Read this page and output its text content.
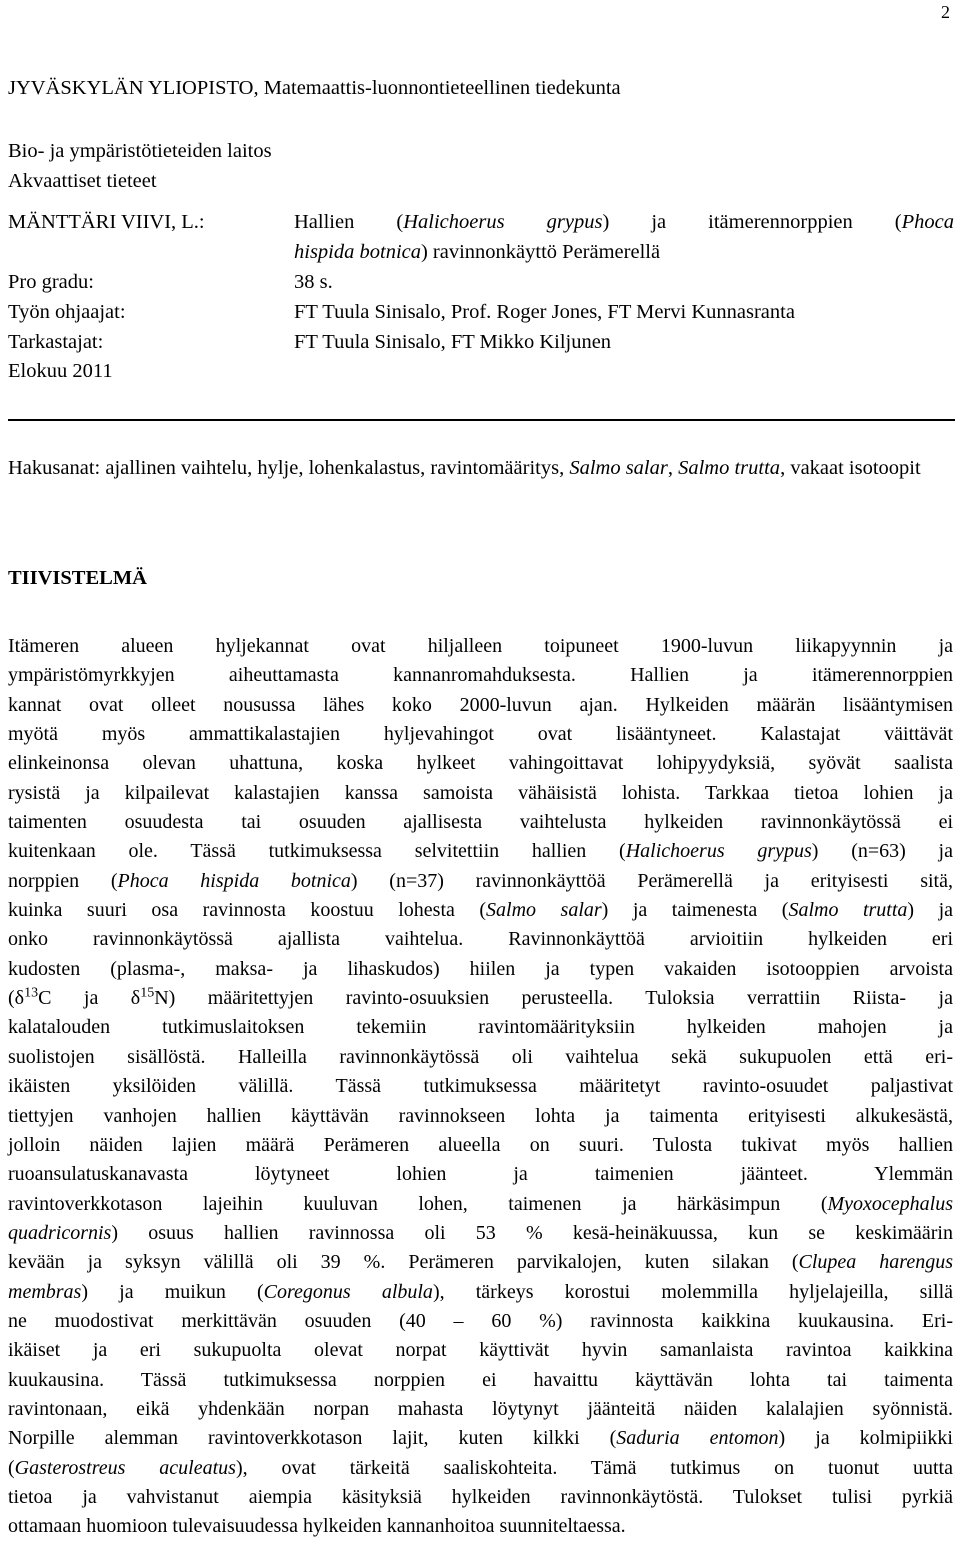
2
JYVÄSKYLÄN YLIOPISTO, Matemaattis-luonnontieteellinen tiedekunta
Bio- ja ympäristötieteiden laitos
Akvaattiset tieteet
MÄNTTÄRI VIIVI, L.:	Hallien (Halichoerus grypus) ja itämerennorppien (Phoca
hispida botnica) ravinnonkäyttö Perämerellä
Pro gradu:	38 s.
Työn ohjaajat:	FT Tuula Sinisalo, Prof. Roger Jones, FT Mervi Kunnasranta
Tarkastajat:	FT Tuula Sinisalo, FT Mikko Kiljunen
Elokuu 2011
Hakusanat: ajallinen vaihtelu, hylje, lohenkalastus, ravintomääritys, Salmo salar, Salmo trutta, vakaat isotoopit
TIIVISTELMÄ
Itämeren alueen hyljekannat ovat hiljalleen toipuneet 1900-luvun liikapyynnin ja
ympäristömyrkkyjen aiheuttamasta kannanromahduksesta. Hallien ja itämerennorppien
kannat ovat olleet nousussa lähes koko 2000-luvun ajan. Hylkeiden määrän lisääntymisen
myötä myös ammattikalastajien hyljevahingot ovat lisääntyneet. Kalastajat väittävät
elinkeinonsa olevan uhattuna, koska hylkeet vahingoittavat lohipyydyksiä, syövät saalista
rysistä ja kilpailevat kalastajien kanssa samoista vähäisistä lohista. Tarkkaa tietoa lohien ja
taimenten osuudesta tai osuuden ajallisesta vaihtelusta hylkeiden ravinnonkäytössä ei
kuitenkaan ole. Tässä tutkimuksessa selvitettiin hallien (Halichoerus grypus) (n=63) ja
norppien (Phoca hispida botnica) (n=37) ravinnonkäyttöä Perämerellä ja erityisesti sitä,
kuinka suuri osa ravinnosta koostuu lohesta (Salmo salar) ja taimenesta (Salmo trutta) ja
onko ravinnonkäytössä ajallista vaihtelua. Ravinnonkäyttöä arvioitiin hylkeiden eri
kudosten (plasma-, maksa- ja lihaskudos) hiilen ja typen vakaiden isotooppien arvoista
($\delta^{13}C$ ja $\delta^{15}N$) määritettyjen ravinto-osuuksien perusteella. Tuloksia verrattiin Riista- ja
kalatalouden tutkimuslaitoksen tekemiin ravintomäärityksiin hylkeiden mahojen ja
suolistojen sisällöstä. Halleilla ravinnonkäytössä oli vaihtelua sekä sukupuolen että eri-
ikäisten yksilöiden välillä. Tässä tutkimuksessa määritetyt ravinto-osuudet paljastivat
tiettyjen vanhojen hallien käyttävän ravinnokseen lohta ja taimenta erityisesti alkukesästä,
jolloin näiden lajien määrä Perämeren alueella on suuri. Tulosta tukivat myös hallien
ruoansulatuskanavasta löytyneet lohien ja taimenien jäänteet. Ylemmän
ravintoverkkotason lajeihin kuuluvan lohen, taimenen ja härkäsimpun (Myoxocephalus
quadricornis) osuus hallien ravinnossa oli 53 % kesä-heinäkuussa, kun se keskimäärin
kevään ja syksyn välillä oli 39 %. Perämeren parvikalojen, kuten silakan (Clupea harengus
membras) ja muikun (Coregonus albula), tärkeys korostui molemmilla hyljelajeilla, sillä
ne muodostivat merkittävän osuuden (40 – 60 %) ravinnosta kaikkina kuukausina. Eri-
ikäiset ja eri sukupuolta olevat norpat käyttivät hyvin samanlaista ravintoa kaikkina
kuukausina. Tässä tutkimuksessa norppien ei havaittu käyttävän lohta tai taimenta
ravintonaan, eikä yhdenkään norpan mahasta löytynyt jäänteitä näiden kalalajien syönnistä.
Norpille alemman ravintoverkkotason lajit, kuten kilkki (Saduria entomon) ja kolmipiikki
(Gasterostreus aculeatus), ovat tärkeitä saaliskohteita. Tämä tutkimus on tuonut uutta
tietoa ja vahvistanut aiempia käsityksiä hylkeiden ravinnonkäytöstä. Tulokset tulisi pyrkiä
ottamaan huomioon tulevaisuudessa hylkeiden kannanhoitoa suunniteltaessa.
